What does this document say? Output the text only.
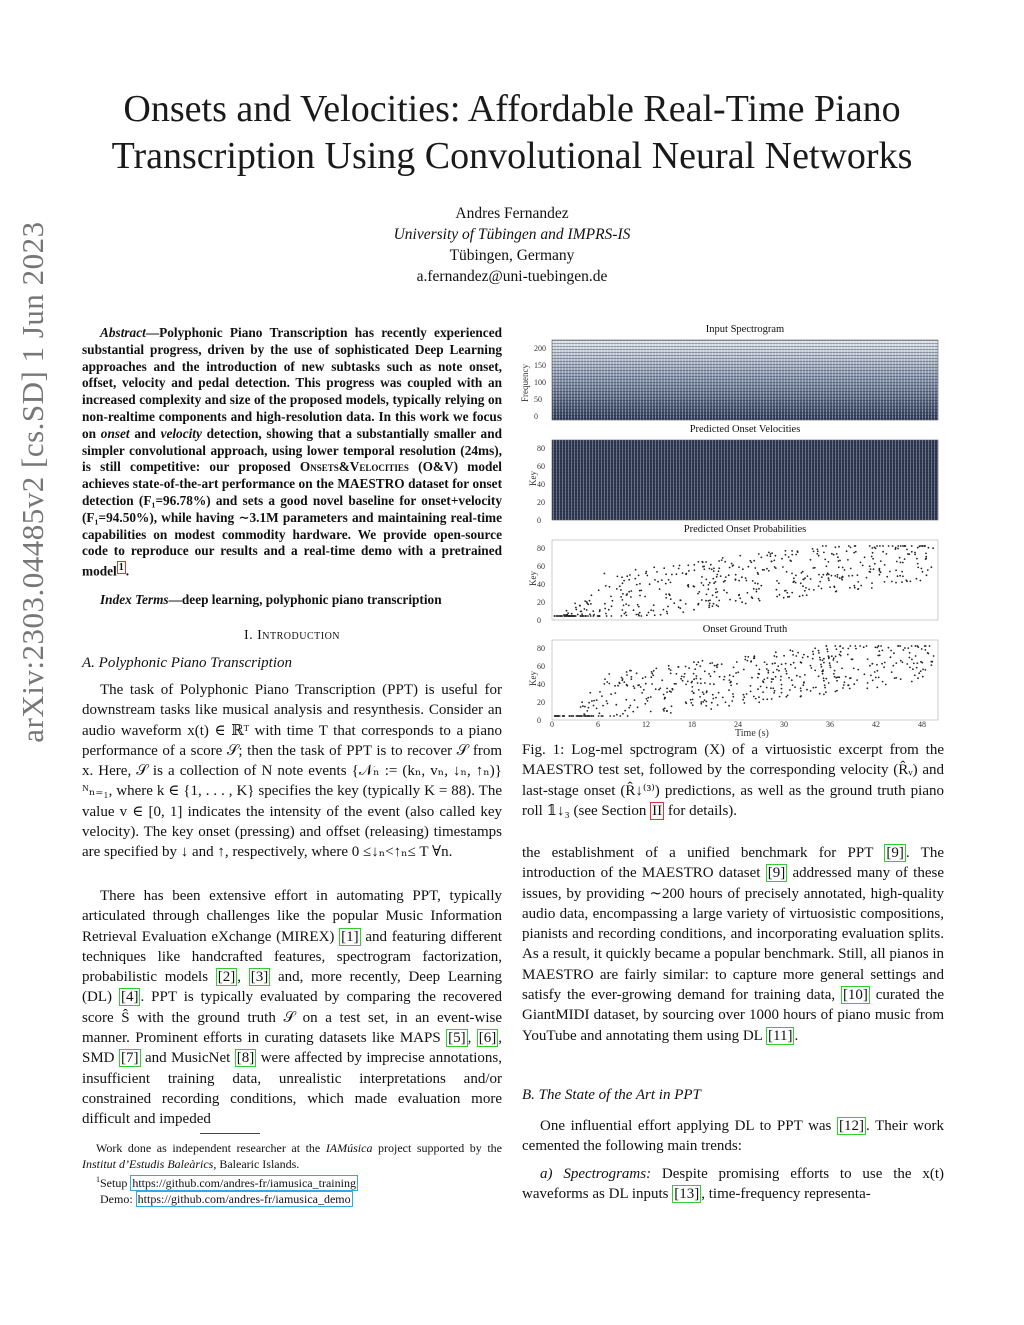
arXiv:2303.04485v2 [cs.SD] 1 Jun 2023
Onsets and Velocities: Affordable Real-Time Piano
Transcription Using Convolutional Neural Networks
Andres Fernandez
University of Tübingen and IMPRS-IS
Tübingen, Germany
a.fernandez@uni-tuebingen.de
Abstract—Polyphonic Piano Transcription has recently experienced substantial progress, driven by the use of sophisticated Deep Learning approaches and the introduction of new subtasks such as note onset, offset, velocity and pedal detection. This progress was coupled with an increased complexity and size of the proposed models, typically relying on non-realtime components and high-resolution data. In this work we focus on onset and velocity detection, showing that a substantially smaller and simpler convolutional approach, using lower temporal resolution (24ms), is still competitive: our proposed Onsets&Velocities (O&V) model achieves state-of-the-art performance on the MAESTRO dataset for onset detection (F₁=96.78%) and sets a good novel baseline for onset+velocity (F₁=94.50%), while having ∼3.1M parameters and maintaining real-time capabilities on modest commodity hardware. We provide open-source code to reproduce our results and a real-time demo with a pretrained model $^1$ .
Index Terms—deep learning, polyphonic piano transcription
I. Introduction
A. Polyphonic Piano Transcription

The task of Polyphonic Piano Transcription (PPT) is useful for downstream tasks like musical analysis and resynthesis. Consider an audio waveform x(t) ∈ ℝᵀ with time T that corresponds to a piano performance of a score 𝒮; then the task of PPT is to recover 𝒮 from x. Here, 𝒮 is a collection of N note events {𝒩ₙ := (kₙ, vₙ, ↓ₙ, ↑ₙ)}ᴺₙ₌₁, where k ∈ {1, . . . , K} specifies the key (typically K = 88). The value v ∈ [0, 1] indicates the intensity of the event (also called key velocity). The key onset (pressing) and offset (releasing) timestamps are specified by ↓ and ↑, respectively, where 0 ≤↓ₙ<↑ₙ≤ T ∀n.

There has been extensive effort in automating PPT, typically articulated through challenges like the popular Music Information Retrieval Evaluation eXchange (MIREX) [1] and featuring different techniques like handcrafted features, spectrogram factorization, probabilistic models [2] , [3] and, more recently, Deep Learning (DL) [4] . PPT is typically evaluated by comparing the recovered score Ŝ with the ground truth 𝒮 on a test set, in an event-wise manner. Prominent efforts in curating datasets like MAPS [5] , [6] , SMD [7] and MusicNet [8] were affected by imprecise annotations, insufficient training data, unrealistic interpretations and/or constrained recording conditions, which made evaluation more difficult and impeded

Work done as independent researcher at the IAMúsica project supported by the Institut d’Estudis Baleàrics, Balearic Islands.
$^1$Setup https://github.com/andres-fr/iamusica_training
Demo: https://github.com/andres-fr/iamusica_demo
Input Spectrogram
Predicted Onset Velocities
Predicted Onset Probabilities
Onset Ground Truth
Frequency
Key
Key
Key
Time (s)
200
150
100
50
0
80
60
40
20
0
80
60
40
20
0
80
60
40
20
0 0	6	12	18	24	30	36	42	48
Fig. 1: Log-mel spctrogram (X) of a virtuosistic excerpt from the MAESTRO test set, followed by the corresponding velocity (R̂ᵥ) and last-stage onset (R̂↓⁽³⁾) predictions, as well as the ground truth piano roll 𝟙↓₃ (see Section II for details).
the establishment of a unified benchmark for PPT [9] . The introduction of the MAESTRO dataset [9] addressed many of these issues, by providing ∼200 hours of precisely annotated, high-quality audio data, encompassing a large variety of virtuosistic compositions, pianists and recording conditions, and incorporating evaluation splits. As a result, it quickly became a popular benchmark. Still, all pianos in MAESTRO are fairly similar: to capture more general settings and satisfy the ever-growing demand for training data, [10] curated the GiantMIDI dataset, by sourcing over 1000 hours of piano music from YouTube and annotating them using DL [11] .
B. The State of the Art in PPT

One influential effort applying DL to PPT was [12] . Their work cemented the following main trends:

a) Spectrograms: Despite promising efforts to use the x(t) waveforms as DL inputs [13] , time-frequency representa-
